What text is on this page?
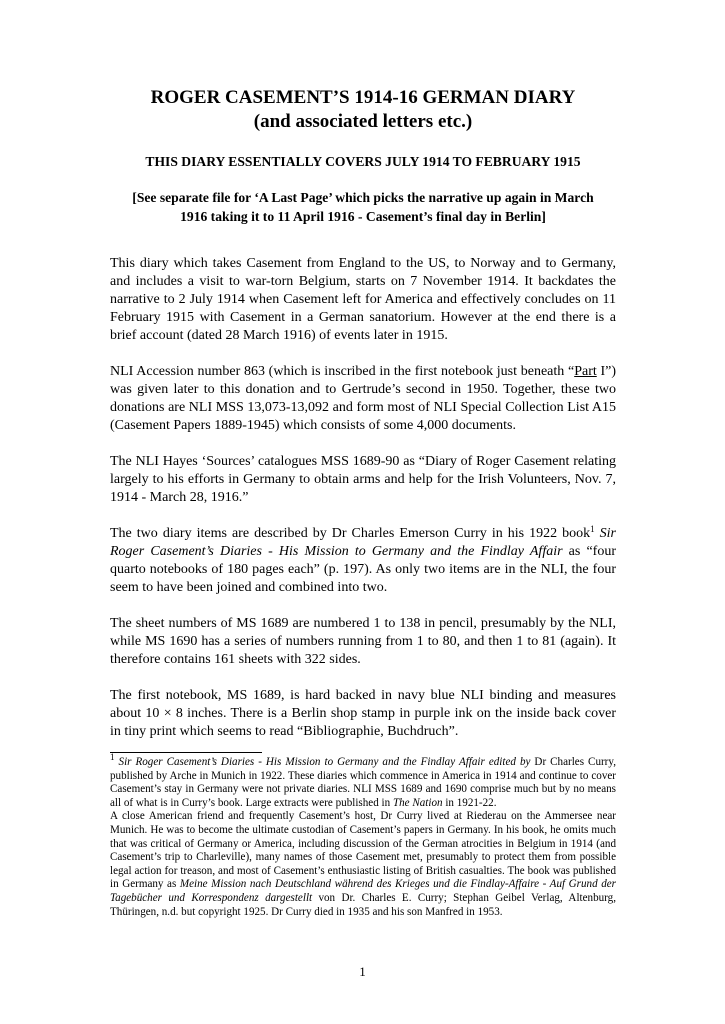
ROGER CASEMENT’S 1914-16 GERMAN DIARY
(and associated letters etc.)
THIS DIARY ESSENTIALLY COVERS JULY 1914 TO FEBRUARY 1915
[See separate file for ‘A Last Page’ which picks the narrative up again in March
1916 taking it to 11 April 1916 - Casement’s final day in Berlin]

This diary which takes Casement from England to the US, to Norway and to Germany, and includes a visit to war-torn Belgium, starts on 7 November 1914. It backdates the narrative to 2 July 1914 when Casement left for America and effectively concludes on 11 February 1915 with Casement in a German sanatorium. However at the end there is a brief account (dated 28 March 1916) of events later in 1915.

NLI Accession number 863 (which is inscribed in the first notebook just beneath “Part I”) was given later to this donation and to Gertrude’s second in 1950. Together, these two donations are NLI MSS 13,073-13,092 and form most of NLI Special Collection List A15 (Casement Papers 1889-1945) which consists of some 4,000 documents.

The NLI Hayes ‘Sources’ catalogues MSS 1689-90 as “Diary of Roger Casement relating largely to his efforts in Germany to obtain arms and help for the Irish Volunteers, Nov. 7, 1914 - March 28, 1916.”

The two diary items are described by Dr Charles Emerson Curry in his 1922 book$^1$ Sir Roger Casement’s Diaries - His Mission to Germany and the Findlay Affair as “four quarto notebooks of 180 pages each” (p. 197). As only two items are in the NLI, the four seem to have been joined and combined into two.

The sheet numbers of MS 1689 are numbered 1 to 138 in pencil, presumably by the NLI, while MS 1690 has a series of numbers running from 1 to 80, and then 1 to 81 (again). It therefore contains 161 sheets with 322 sides.

The first notebook, MS 1689, is hard backed in navy blue NLI binding and measures about 10 × 8 inches. There is a Berlin shop stamp in purple ink on the inside back cover in tiny print which seems to read “Bibliographie, Buchdruch”.

$^1$ Sir Roger Casement’s Diaries - His Mission to Germany and the Findlay Affair edited by Dr Charles Curry, published by Arche in Munich in 1922. These diaries which commence in America in 1914 and continue to cover Casement’s stay in Germany were not private diaries. NLI MSS 1689 and 1690 comprise much but by no means all of what is in Curry’s book. Large extracts were published in The Nation in 1921-22.

A close American friend and frequently Casement’s host, Dr Curry lived at Riederau on the Ammersee near Munich. He was to become the ultimate custodian of Casement’s papers in Germany. In his book, he omits much that was critical of Germany or America, including discussion of the German atrocities in Belgium in 1914 (and Casement’s trip to Charleville), many names of those Casement met, presumably to protect them from possible legal action for treason, and most of Casement’s enthusiastic listing of British casualties. The book was published in Germany as Meine Mission nach Deutschland während des Krieges und die Findlay-Affaire - Auf Grund der Tagebücher und Korrespondenz dargestellt von Dr. Charles E. Curry; Stephan Geibel Verlag, Altenburg, Thüringen, n.d. but copyright 1925. Dr Curry died in 1935 and his son Manfred in 1953.

1
